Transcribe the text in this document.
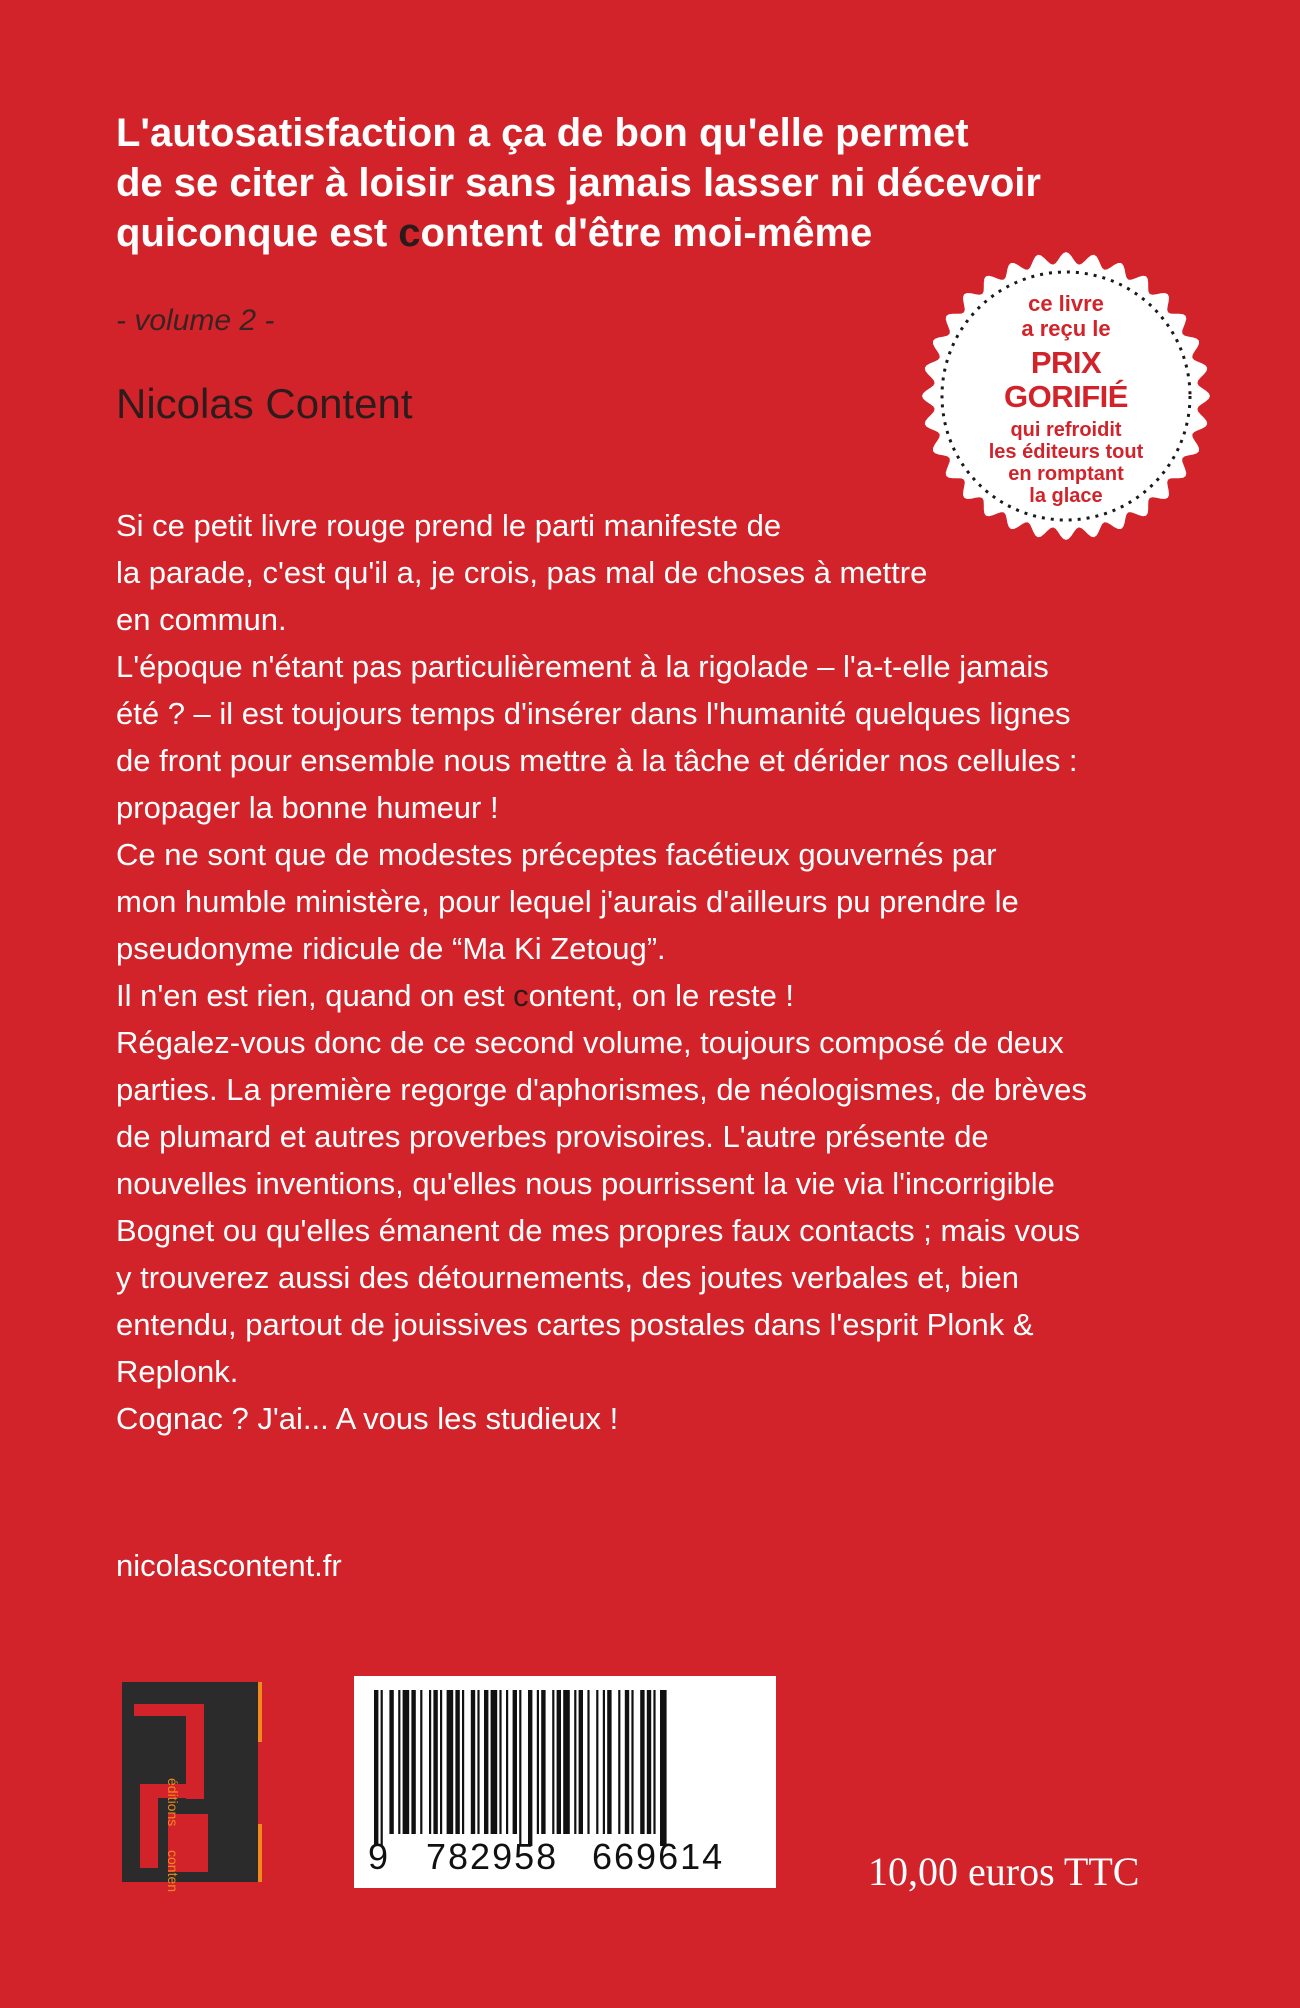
L'autosatisfaction a ça de bon qu'elle permet
de se citer à loisir sans jamais lasser ni décevoir
quiconque est content d'être moi-même
- volume 2 -
Nicolas Content
ce livre
a reçu le
PRIX
GORIFIÉ
qui refroidit
les éditeurs tout
en romptant
la glace
Si ce petit livre rouge prend le parti manifeste de
la parade, c'est qu'il a, je crois, pas mal de choses à mettre
en commun.
L'époque n'étant pas particulièrement à la rigolade – l'a-t-elle jamais
été ? – il est toujours temps d'insérer dans l'humanité quelques lignes
de front pour ensemble nous mettre à la tâche et dérider nos cellules :
propager la bonne humeur !
Ce ne sont que de modestes préceptes facétieux gouvernés par
mon humble ministère, pour lequel j'aurais d'ailleurs pu prendre le
pseudonyme ridicule de “Ma Ki Zetoug”.
Il n'en est rien, quand on est content, on le reste !
Régalez-vous donc de ce second volume, toujours composé de deux
parties. La première regorge d'aphorismes, de néologismes, de brèves
de plumard et autres proverbes provisoires. L'autre présente de
nouvelles inventions, qu'elles nous pourrissent la vie via l'incorrigible
Bognet ou qu'elles émanent de mes propres faux contacts ; mais vous
y trouverez aussi des détournements, des joutes verbales et, bien
entendu, partout de jouissives cartes postales dans l'esprit Plonk &
Replonk.
Cognac ? J'ai... A vous les studieux !
nicolascontent.fr
éditions
content	9 782958 669614	10,00 euros TTC
